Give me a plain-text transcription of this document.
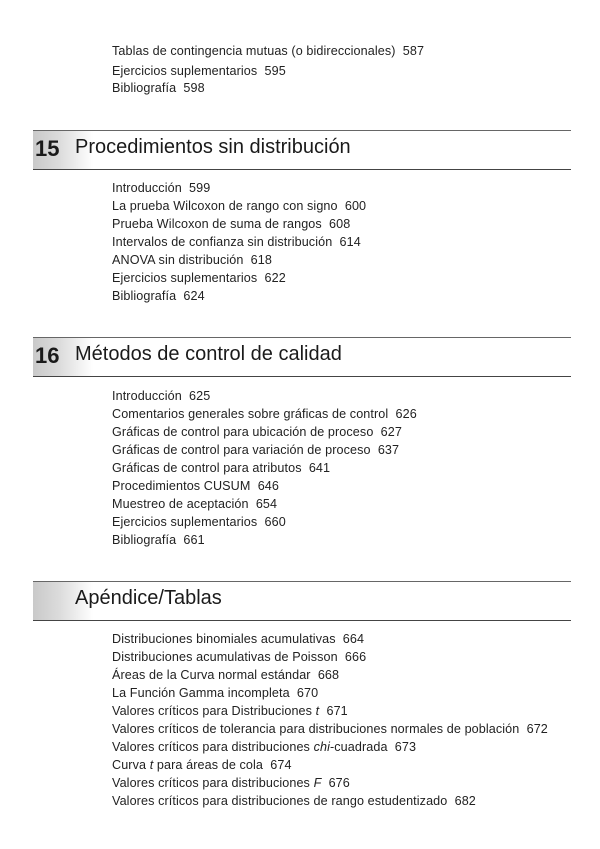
Tablas de contingencia mutuas (o bidireccionales) 587
Ejercicios suplementarios 595
Bibliografía 598
15 Procedimientos sin distribución
Introducción 599
La prueba Wilcoxon de rango con signo 600
Prueba Wilcoxon de suma de rangos 608
Intervalos de confianza sin distribución 614
ANOVA sin distribución 618
Ejercicios suplementarios 622
Bibliografía 624
16 Métodos de control de calidad
Introducción 625
Comentarios generales sobre gráficas de control 626
Gráficas de control para ubicación de proceso 627
Gráficas de control para variación de proceso 637
Gráficas de control para atributos 641
Procedimientos CUSUM 646
Muestreo de aceptación 654
Ejercicios suplementarios 660
Bibliografía 661
Apéndice/Tablas
Distribuciones binomiales acumulativas 664
Distribuciones acumulativas de Poisson 666
Áreas de la Curva normal estándar 668
La Función Gamma incompleta 670
Valores críticos para Distribuciones t 671
Valores críticos de tolerancia para distribuciones normales de población 672
Valores críticos para distribuciones chi-cuadrada 673
Curva t para áreas de cola 674
Valores críticos para distribuciones F 676
Valores críticos para distribuciones de rango estudentizado 682
